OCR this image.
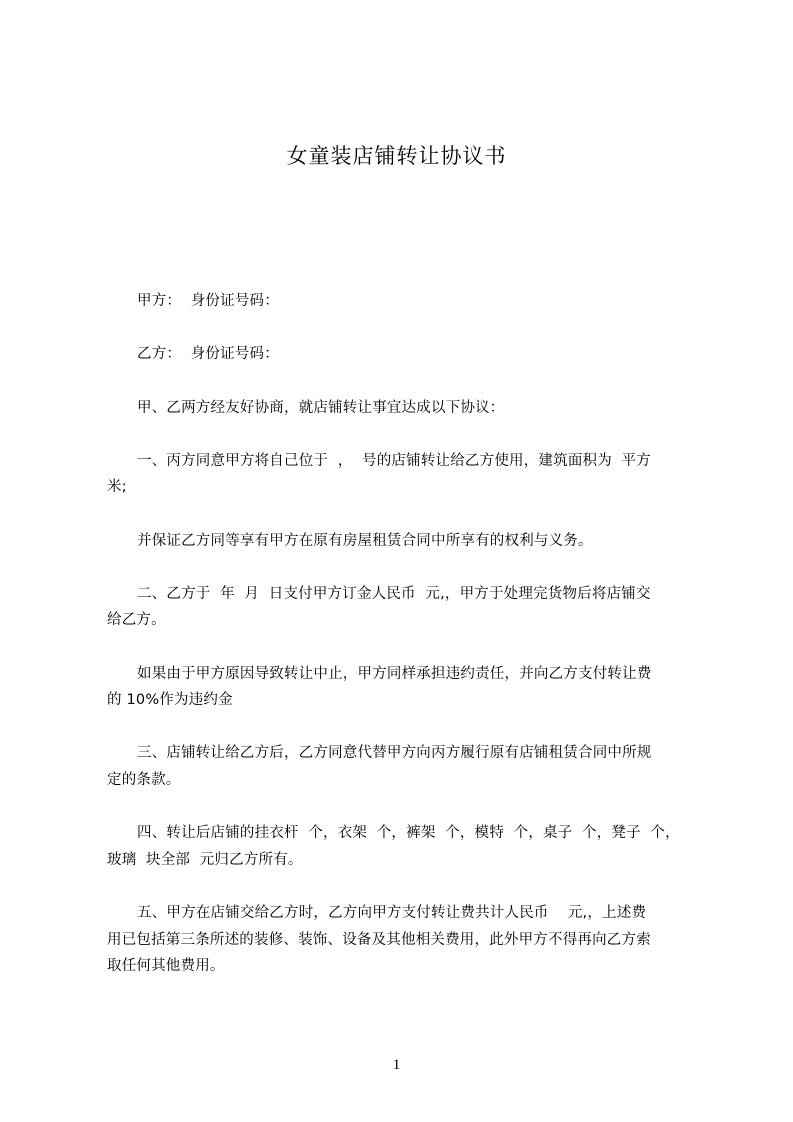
女童装店铺转让协议书
甲方：  身份证号码：
乙方：  身份证号码：
甲、乙两方经友好协商，就店铺转让事宜达成以下协议：
一、丙方同意甲方将自己位于  ，  号的店铺转让给乙方使用，建筑面积为  平方
米;
并保证乙方同等享有甲方在原有房屋租赁合同中所享有的权利与义务。
二、乙方于  年  月  日支付甲方订金人民币  元,，甲方于处理完货物后将店铺交
给乙方。
如果由于甲方原因导致转让中止，甲方同样承担违约责任，并向乙方支付转让费
的 10%作为违约金
三、店铺转让给乙方后，乙方同意代替甲方向丙方履行原有店铺租赁合同中所规
定的条款。
四、转让后店铺的挂衣杆  个，衣架  个，裤架  个，模特  个，桌子  个，凳子  个，
玻璃  块全部  元归乙方所有。
五、甲方在店铺交给乙方时，乙方向甲方支付转让费共计人民币    元,，上述费
用已包括第三条所述的装修、装饰、设备及其他相关费用，此外甲方不得再向乙方索
取任何其他费用。
1
